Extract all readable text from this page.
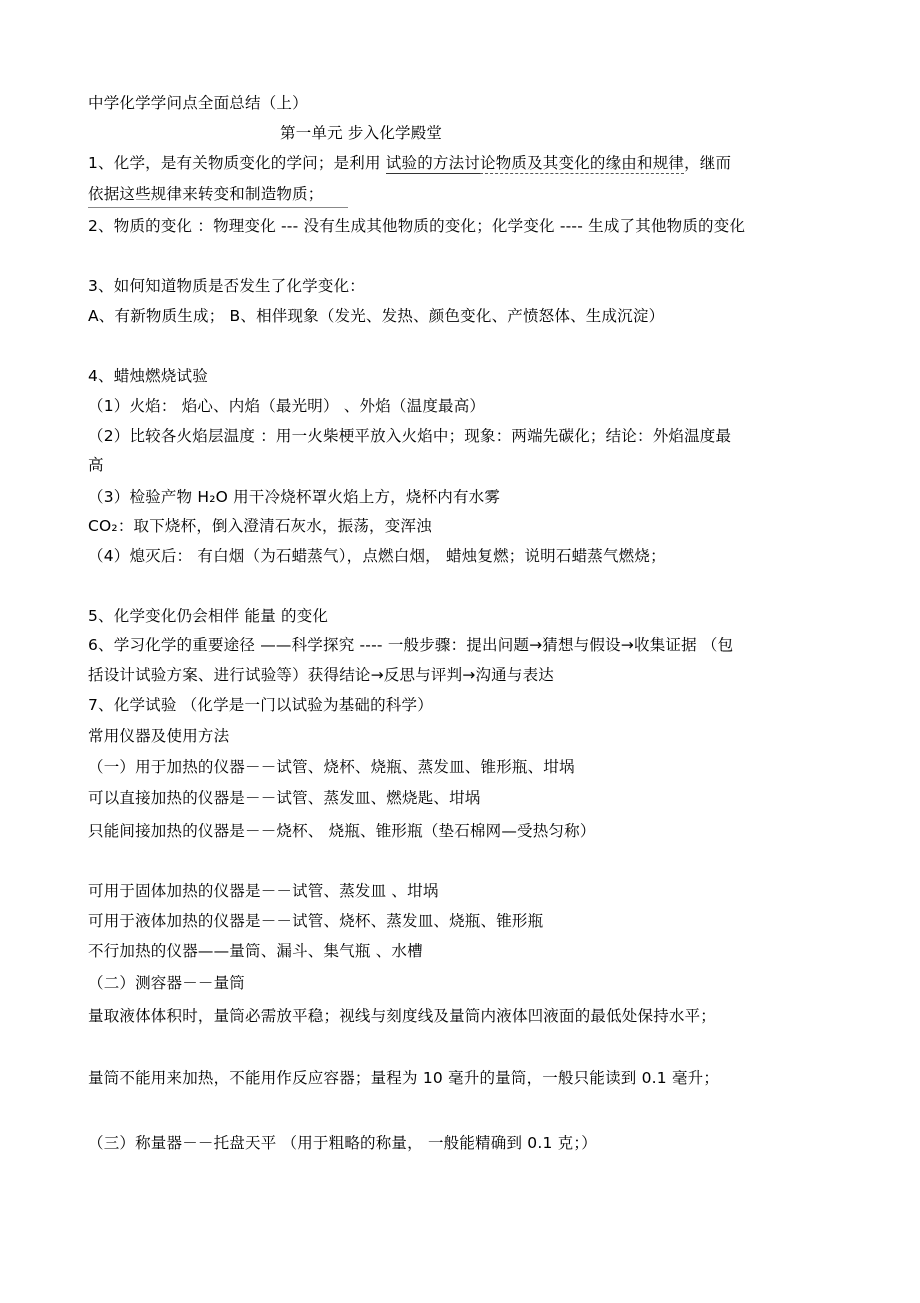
中学化学学问点全面总结（上）
第一单元 步入化学殿堂
1、化学，是有关物质变化的学问；是利用 试验的方法讨论物质及其变化的缘由和规律，继而
依据这些规律来转变和制造物质；
2、物质的变化 ：物理变化 --- 没有生成其他物质的变化；化学变化 ---- 生成了其他物质的变化
3、如何知道物质是否发生了化学变化：
A、有新物质生成； B、相伴现象（发光、发热、颜色变化、产愤怒体、生成沉淀）
4、蜡烛燃烧试验
（1）火焰： 焰心、内焰（最光明） 、外焰（温度最高）
（2）比较各火焰层温度 ：用一火柴梗平放入火焰中；现象：两端先碳化；结论：外焰温度最
高
（3）检验产物 H₂O 用干冷烧杯罩火焰上方，烧杯内有水雾
CO₂：取下烧杯，倒入澄清石灰水，振荡，变浑浊
（4）熄灭后： 有白烟（为石蜡蒸气），点燃白烟， 蜡烛复燃；说明石蜡蒸气燃烧；
5、化学变化仍会相伴 能量 的变化
6、学习化学的重要途径 ——科学探究 ---- 一般步骤：提出问题→猜想与假设→收集证据 （包
括设计试验方案、进行试验等）获得结论→反思与评判→沟通与表达
7、化学试验 （化学是一门以试验为基础的科学）
常用仪器及使用方法
（一）用于加热的仪器－－试管、烧杯、烧瓶、蒸发皿、锥形瓶、坩埚
可以直接加热的仪器是－－试管、蒸发皿、燃烧匙、坩埚
只能间接加热的仪器是－－烧杯、 烧瓶、锥形瓶（垫石棉网—受热匀称）
可用于固体加热的仪器是－－试管、蒸发皿 、坩埚
可用于液体加热的仪器是－－试管、烧杯、蒸发皿、烧瓶、锥形瓶
不行加热的仪器——量筒、漏斗、集气瓶 、水槽
（二）测容器－－量筒
量取液体体积时，量筒必需放平稳；视线与刻度线及量筒内液体凹液面的最低处保持水平；
量筒不能用来加热，不能用作反应容器；量程为 10 毫升的量筒，一般只能读到 0.1 毫升；
（三）称量器－－托盘天平 （用于粗略的称量， 一般能精确到 0.1 克；）
